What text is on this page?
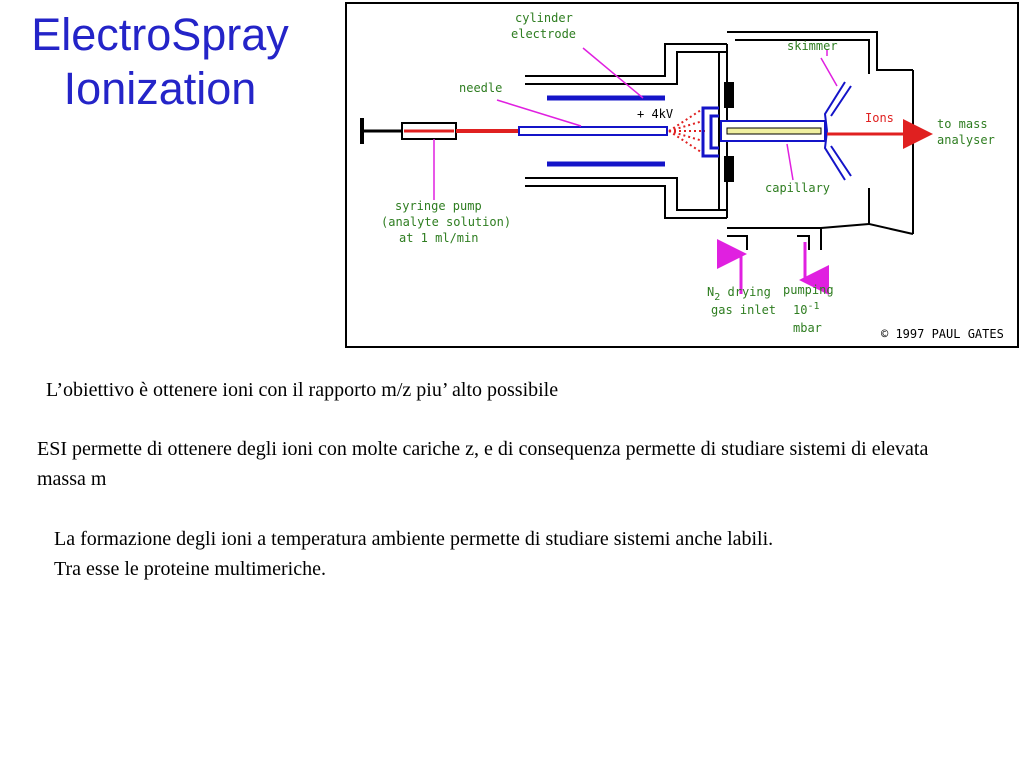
ElectroSpray
Ionization
cylinder
electrode
skimmer
needle
+ 4kV	Ions	to mass
analyser
capillary
syringe pump
(analyte solution)
at 1 ml/min
$N_2$ drying
gas inlet
pumping
$10^{-1}$
mbar	© 1997 PAUL GATES
L’obiettivo è ottenere ioni con il rapporto m/z piu’ alto possibile
ESI permette di ottenere degli ioni con molte cariche z, e di consequenza permette di studiare sistemi di elevata massa m
La formazione degli ioni a temperatura ambiente permette di studiare sistemi anche labili.
Tra esse le proteine multimeriche.
